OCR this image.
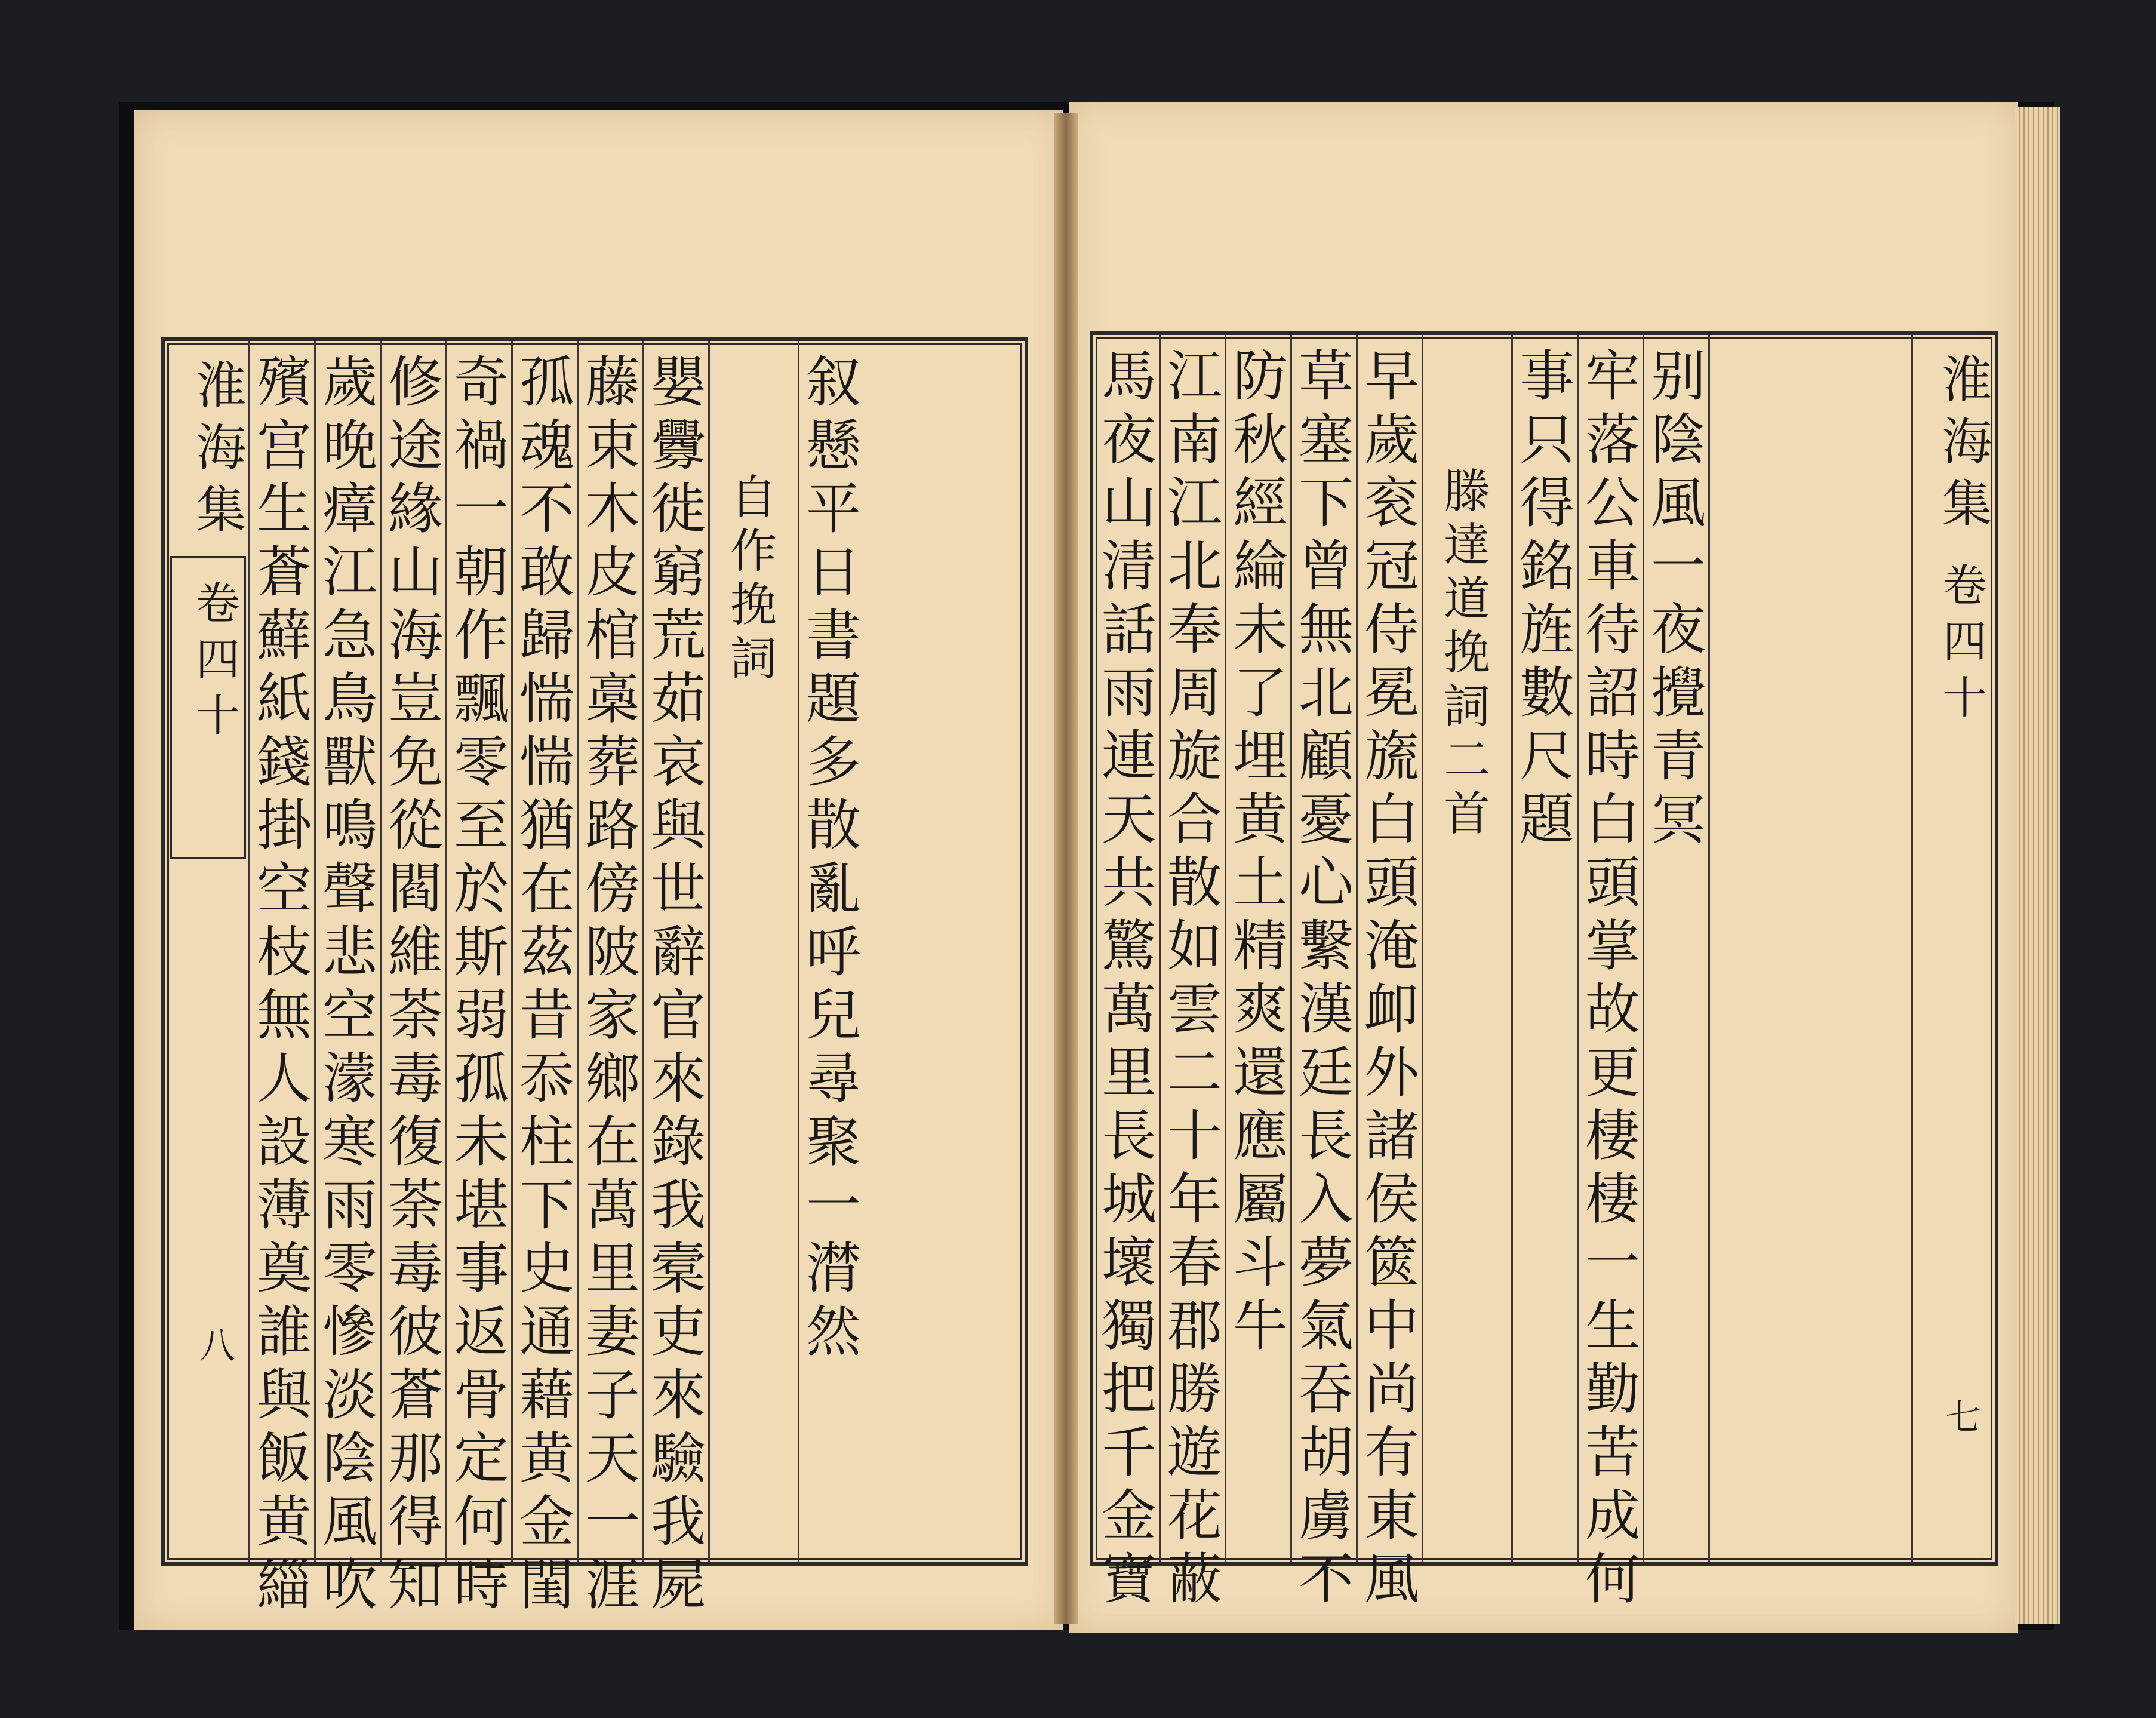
淮海集
卷四十
八 殯宫生蒼蘚紙錢掛空枝無人設薄奠誰與飯黄緇 歲晚瘴江急鳥獸鳴聲悲空濛寒雨零慘淡陰風吹 修途緣山海豈免從閻維荼毒復荼毒彼蒼那得知 奇禍一朝作飄零至於斯弱孤未堪事返骨定何時 孤魂不敢歸惴惴猶在茲昔忝柱下史通藉黄金閨 藤束木皮棺槀葬路傍陂家鄉在萬里妻子天一涯 嬰釁徙窮荒茹哀與世辭官來錄我槖吏來驗我屍 自作挽詞 叙懸平日書題多散亂呼兒尋聚一潸然	馬夜山清話雨連天共驚萬里長城壞獨把千金寶 江南江北奉周旋合散如雲二十年春郡勝遊花蔽 防秋經綸未了埋黄土精爽還應屬斗牛 草塞下曾無北顧憂心繫漢廷長入夢氣吞胡虜不 早歲衮冠侍冕旒白頭淹卹外諸侯篋中尚有東風 滕達道挽詞二首 事只得銘旌數尺題 牢落公車待詔時白頭掌故更棲棲一生勤苦成何 别陰風一夜攪青冥	淮海集
卷四十
七
